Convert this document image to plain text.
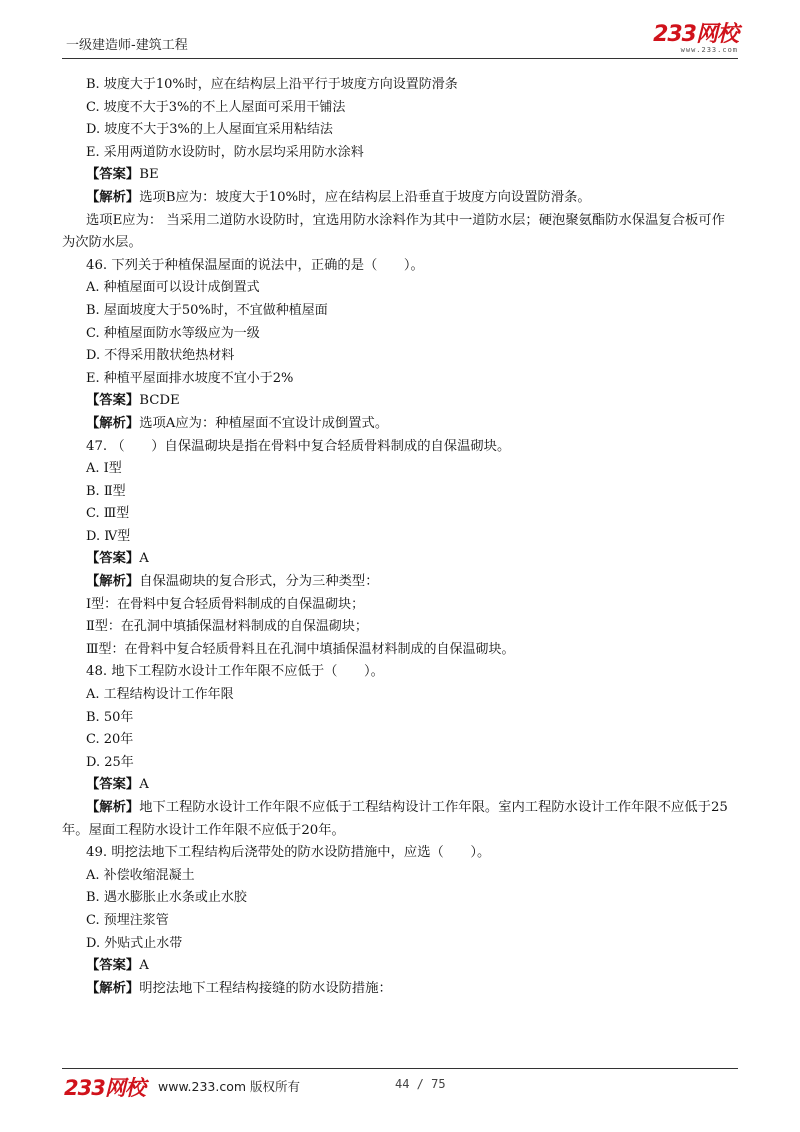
一级建造师-建筑工程	233网校
www.233.com

B. 坡度大于10%时，应在结构层上沿平行于坡度方向设置防滑条

C. 坡度不大于3%的不上人屋面可采用干铺法

D. 坡度不大于3%的上人屋面宜采用粘结法

E. 采用两道防水设防时，防水层均采用防水涂料

【答案】BE

【解析】选项B应为：坡度大于10%时，应在结构层上沿垂直于坡度方向设置防滑条。

选项E应为： 当采用二道防水设防时，宜选用防水涂料作为其中一道防水层；硬泡聚氨酯防水保温复合板可作为次防水层。

46. 下列关于种植保温屋面的说法中，正确的是（　　）。

A. 种植屋面可以设计成倒置式

B. 屋面坡度大于50%时，不宜做种植屋面

C. 种植屋面防水等级应为一级

D. 不得采用散状绝热材料

E. 种植平屋面排水坡度不宜小于2%

【答案】BCDE

【解析】选项A应为：种植屋面不宜设计成倒置式。

47. （　　）自保温砌块是指在骨料中复合轻质骨料制成的自保温砌块。

A. Ⅰ型

B. Ⅱ型

C. Ⅲ型

D. Ⅳ型

【答案】A

【解析】自保温砌块的复合形式，分为三种类型：

Ⅰ型：在骨料中复合轻质骨料制成的自保温砌块；

Ⅱ型：在孔洞中填插保温材料制成的自保温砌块；

Ⅲ型：在骨料中复合轻质骨料且在孔洞中填插保温材料制成的自保温砌块。

48. 地下工程防水设计工作年限不应低于（　　）。

A. 工程结构设计工作年限

B. 50年

C. 20年

D. 25年

【答案】A

【解析】地下工程防水设计工作年限不应低于工程结构设计工作年限。室内工程防水设计工作年限不应低于25年。屋面工程防水设计工作年限不应低于20年。

49. 明挖法地下工程结构后浇带处的防水设防措施中，应选（　　）。

A. 补偿收缩混凝土

B. 遇水膨胀止水条或止水胶

C. 预埋注浆管

D. 外贴式止水带

【答案】A

【解析】明挖法地下工程结构接缝的防水设防措施：

233网校 www.233.com 版权所有	44 / 75
